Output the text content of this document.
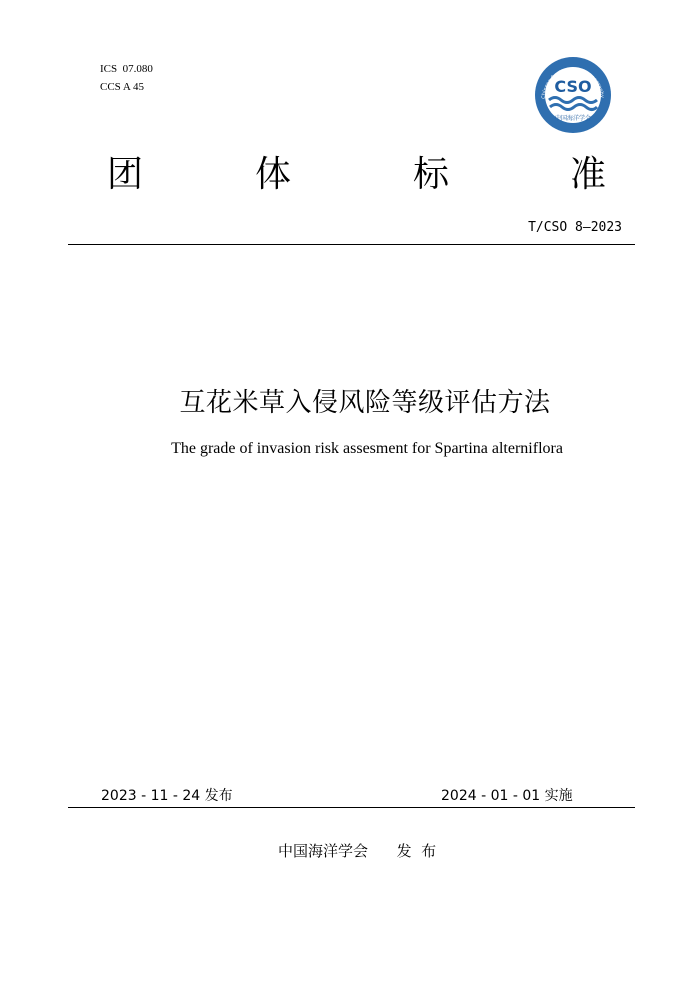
ICS  07.080
CCS A 45
Chinese Society for Oceanography
CSO
中国海洋学会
团	体	标	准
T/CSO 8—2023
互花米草入侵风险等级评估方法
The grade of invasion risk assesment for Spartina alterniflora
2023 - 11 - 24 发布	2024 - 01 - 01 实施
中国海洋学会      发  布
